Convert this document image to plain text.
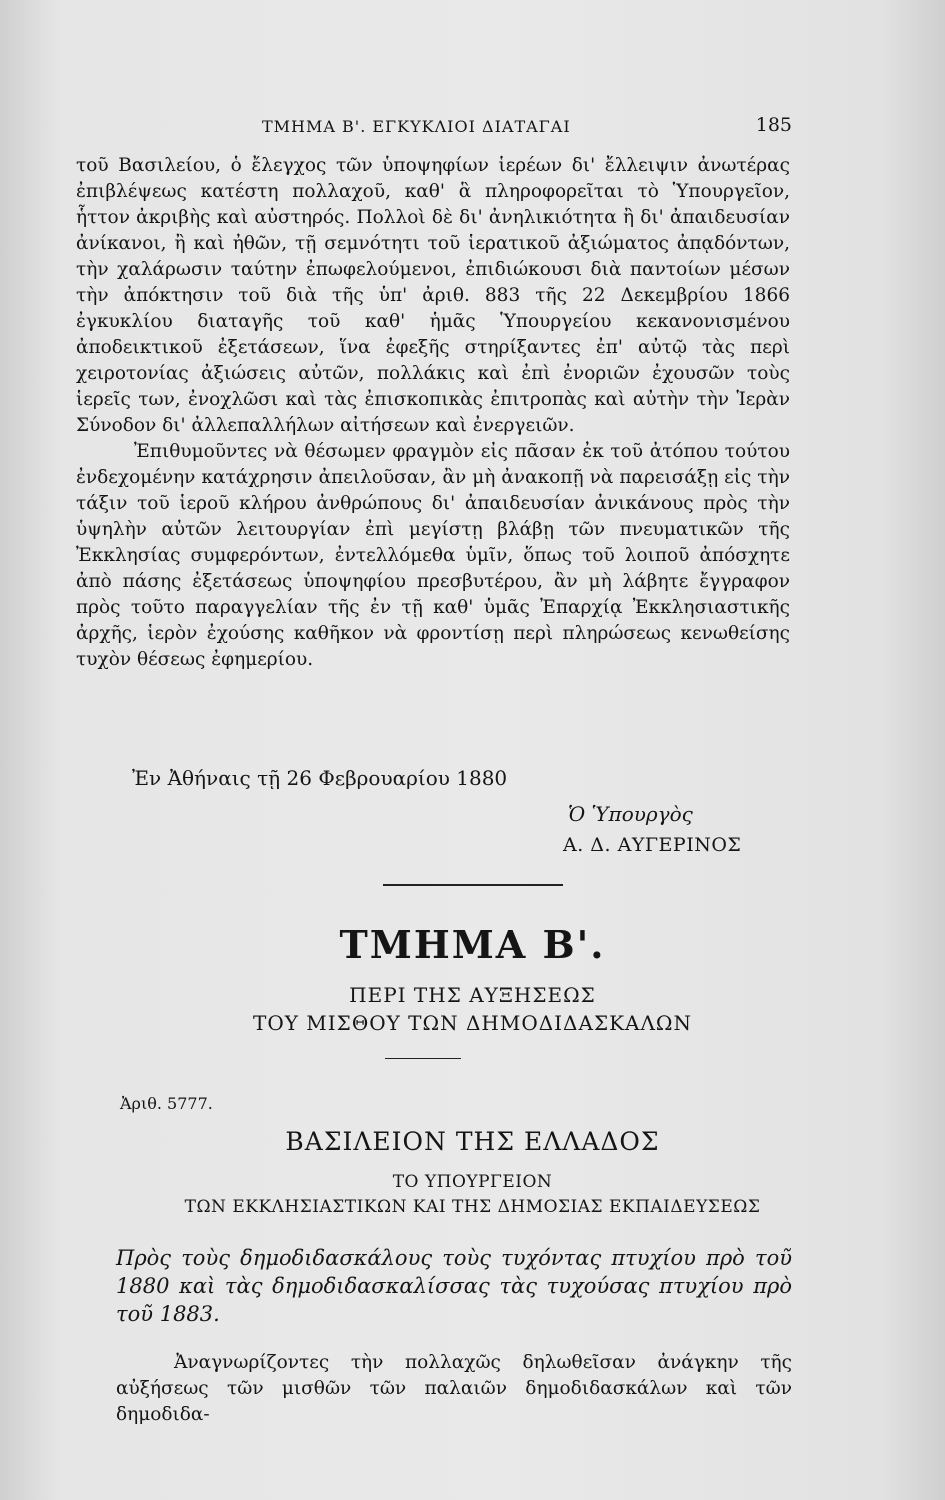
ΤΜΗΜΑ Β'. ΕΓΚΥΚΛΙΟΙ ΔΙΑΤΑΓΑΙ	185

τοῦ Βασιλείου, ὁ ἔλεγχος τῶν ὑποψηφίων ἱερέων δι' ἔλλειψιν ἀνωτέρας ἐπιβλέψεως κατέστη πολλαχοῦ, καθ' ἃ πληροφορεῖται τὸ Ὑπουργεῖον, ἧττον ἀκριβὴς καὶ αὐστηρός. Πολλοὶ δὲ δι' ἀνηλικιότητα ἢ δι' ἀπαιδευσίαν ἀνίκανοι, ἢ καὶ ἠθῶν, τῇ σεμνότητι τοῦ ἱερατικοῦ ἀξιώματος ἀπᾳδόντων, τὴν χαλάρωσιν ταύτην ἐπωφελούμενοι, ἐπιδιώκουσι διὰ παντοίων μέσων τὴν ἀπόκτησιν τοῦ διὰ τῆς ὑπ' ἀριθ. 883 τῆς 22 Δεκεμβρίου 1866 ἐγκυκλίου διαταγῆς τοῦ καθ' ἡμᾶς Ὑπουργείου κεκανονισμένου ἀποδεικτικοῦ ἐξετάσεων, ἵνα ἐφεξῆς στηρίξαντες ἐπ' αὐτῷ τὰς περὶ χειροτονίας ἀξιώσεις αὐτῶν, πολλάκις καὶ ἐπὶ ἐνοριῶν ἐχουσῶν τοὺς ἱερεῖς των, ἐνοχλῶσι καὶ τὰς ἐπισκοπικὰς ἐπιτροπὰς καὶ αὐτὴν τὴν Ἱερὰν Σύνοδον δι' ἀλλεπαλλήλων αἰτήσεων καὶ ἐνεργειῶν.

Ἐπιθυμοῦντες νὰ θέσωμεν φραγμὸν εἰς πᾶσαν ἐκ τοῦ ἀτόπου τούτου ἐνδεχομένην κατάχρησιν ἀπειλοῦσαν, ἂν μὴ ἀνακοπῇ νὰ παρεισάξῃ εἰς τὴν τάξιν τοῦ ἱεροῦ κλήρου ἀνθρώπους δι' ἀπαιδευσίαν ἀνικάνους πρὸς τὴν ὑψηλὴν αὐτῶν λειτουργίαν ἐπὶ μεγίστῃ βλάβῃ τῶν πνευματικῶν τῆς Ἐκκλησίας συμφερόντων, ἐντελλόμεθα ὑμῖν, ὅπως τοῦ λοιποῦ ἀπόσχητε ἀπὸ πάσης ἐξετάσεως ὑποψηφίου πρεσβυτέρου, ἂν μὴ λάβητε ἔγγραφον πρὸς τοῦτο παραγγελίαν τῆς ἐν τῇ καθ' ὑμᾶς Ἐπαρχίᾳ Ἐκκλησιαστικῆς ἀρχῆς, ἱερὸν ἐχούσης καθῆκον νὰ φροντίσῃ περὶ πληρώσεως κενωθείσης τυχὸν θέσεως ἐφημερίου.

Ἐν Ἀθήναις τῇ 26 Φεβρουαρίου 1880
Ὁ Ὑπουργὸς
Α. Δ. ΑΥΓΕΡΙΝΟΣ
ΤΜΗΜΑ Β'.
ΠΕΡΙ ΤΗΣ ΑΥΞΗΣΕΩΣ
ΤΟΥ ΜΙΣΘΟΥ ΤΩΝ ΔΗΜΟΔΙΔΑΣΚΑΛΩΝ
Ἀριθ. 5777.
ΒΑΣΙΛΕΙΟΝ ΤΗΣ ΕΛΛΑΔΟΣ
ΤΟ ΥΠΟΥΡΓΕΙΟΝ
ΤΩΝ ΕΚΚΛΗΣΙΑΣΤΙΚΩΝ ΚΑΙ ΤΗΣ ΔΗΜΟΣΙΑΣ ΕΚΠΑΙΔΕΥΣΕΩΣ
Πρὸς τοὺς δημοδιδασκάλους τοὺς τυχόντας πτυχίου πρὸ τοῦ 1880 καὶ τὰς δημοδιδασκαλίσσας τὰς τυχούσας πτυχίου πρὸ τοῦ 1883.

Ἀναγνωρίζοντες τὴν πολλαχῶς δηλωθεῖσαν ἀνάγκην τῆς αὐξήσεως τῶν μισθῶν τῶν παλαιῶν δημοδιδασκάλων καὶ τῶν δημοδιδα-
